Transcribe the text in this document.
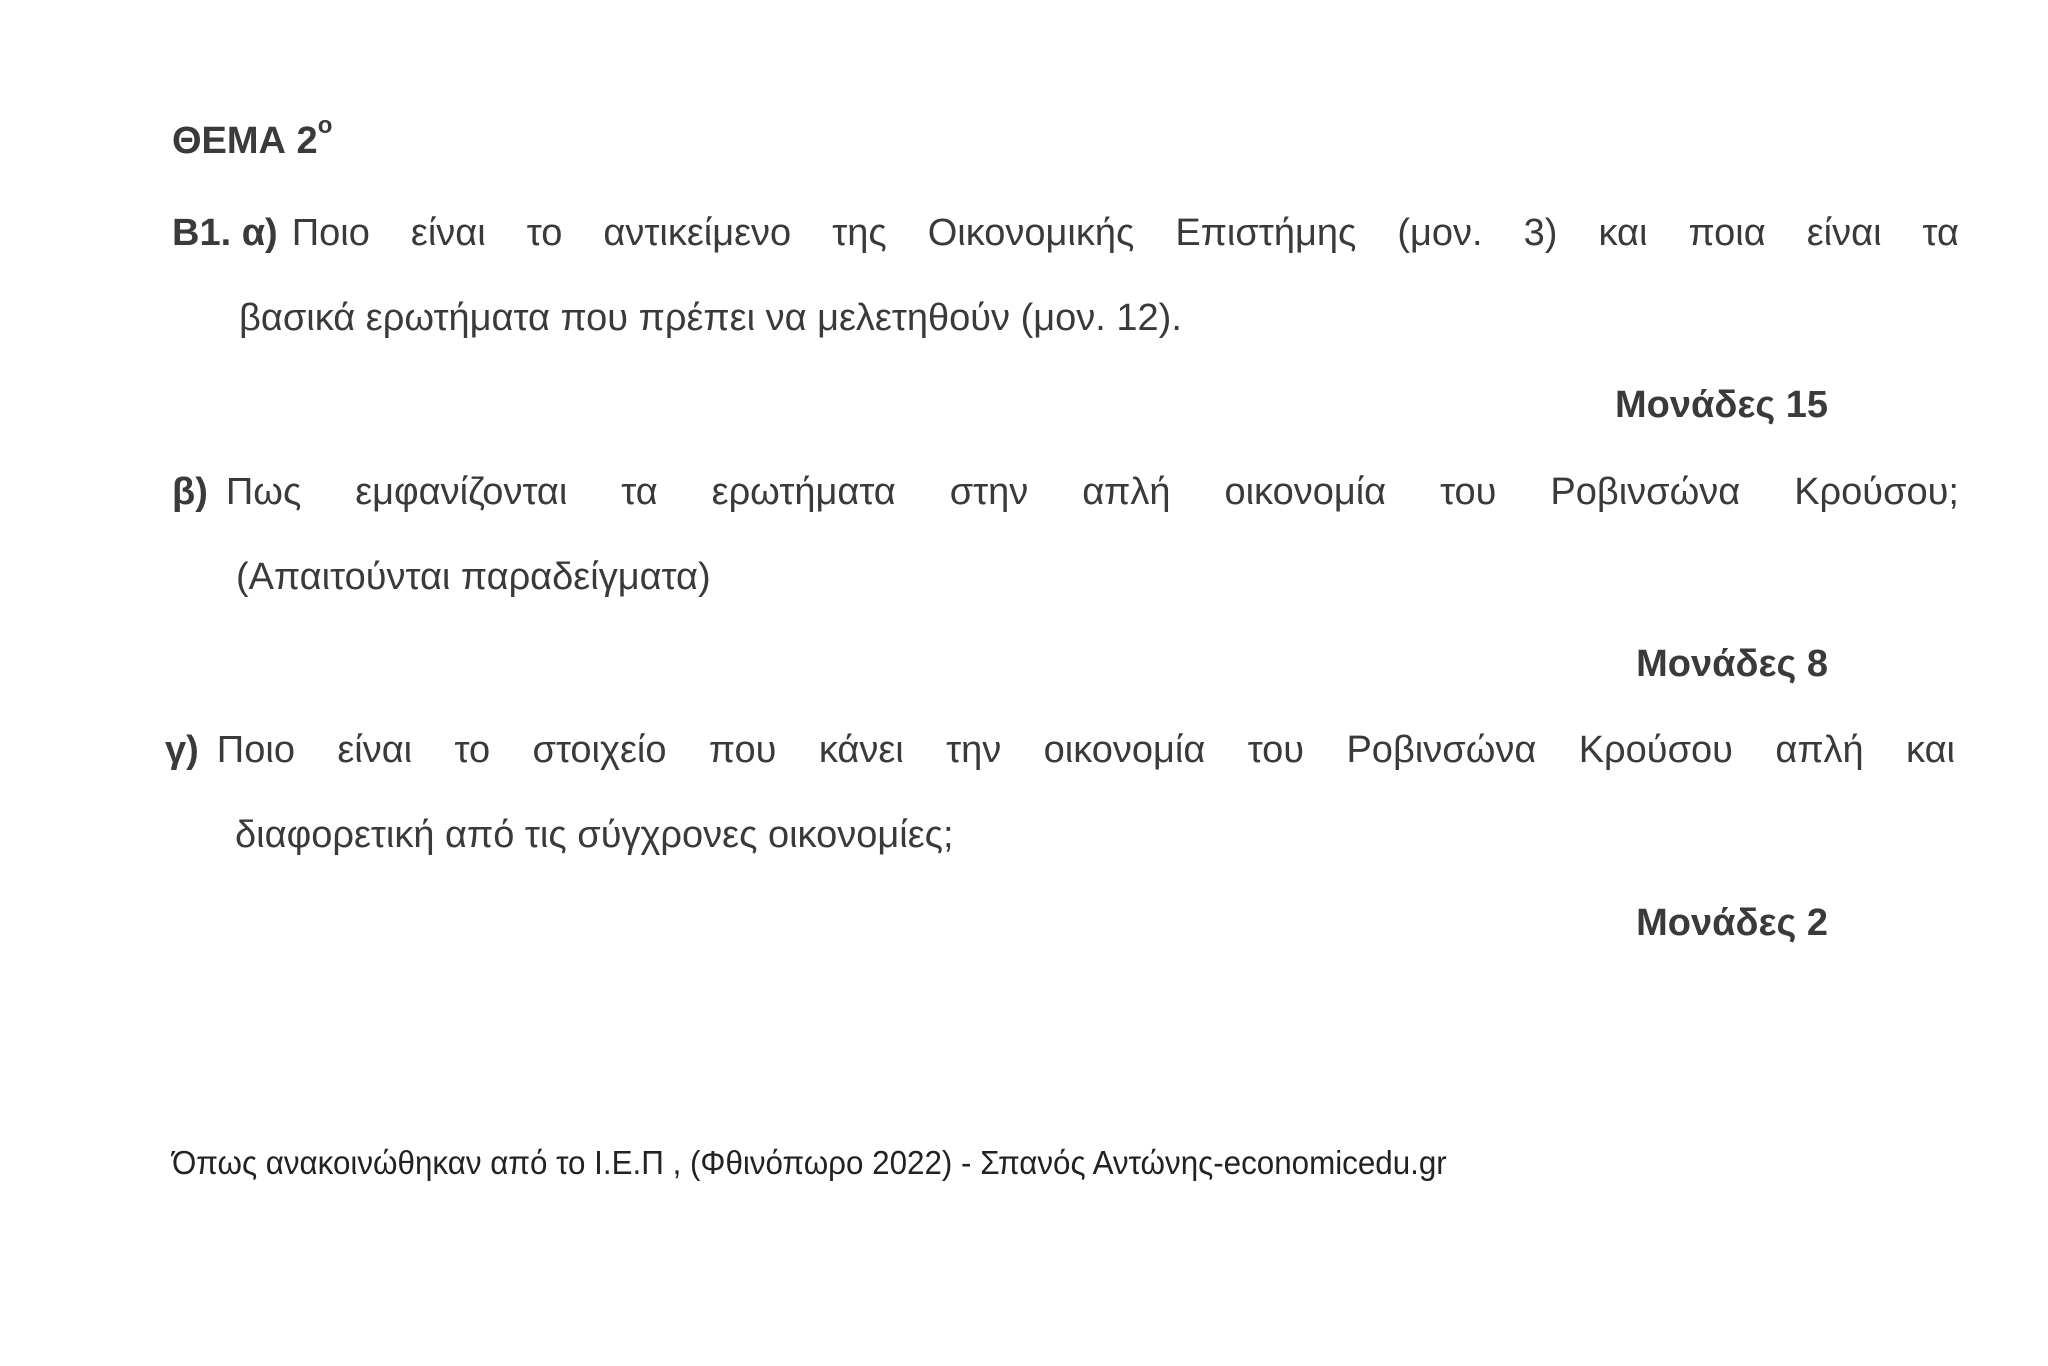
ΘΕΜΑ $2^o$
Β1. α) Ποιο είναι το αντικείμενο της Οικονομικής Επιστήμης (μον. 3) και ποια είναι τα
βασικά ερωτήματα που πρέπει να μελετηθούν (μον. 12).
Μονάδες 15
β) Πως εμφανίζονται τα ερωτήματα στην απλή οικονομία του Ροβινσώνα Κρούσου;
(Απαιτούνται παραδείγματα)
Μονάδες 8
γ) Ποιο είναι το στοιχείο που κάνει την οικονομία του Ροβινσώνα Κρούσου απλή και
διαφορετική από τις σύγχρονες οικονομίες;
Μονάδες 2
Όπως ανακοινώθηκαν από το Ι.Ε.Π , (Φθινόπωρο 2022) - Σπανός Αντώνης-economicedu.gr
